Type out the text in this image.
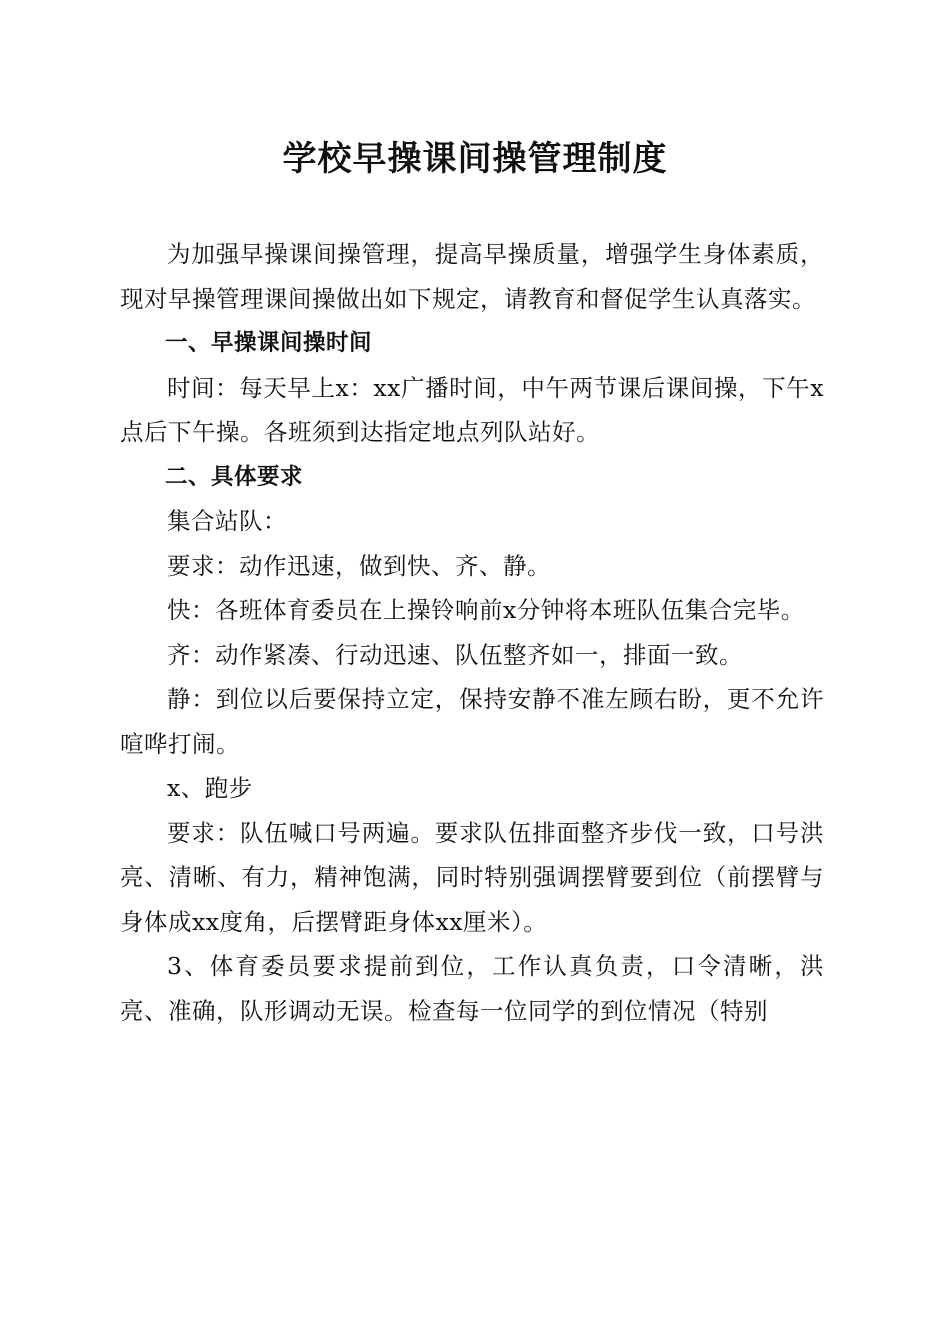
学校早操课间操管理制度

为加强早操课间操管理，提高早操质量，增强学生身体素质，现对早操管理课间操做出如下规定，请教育和督促学生认真落实。

一、早操课间操时间

时间：每天早上x：xx广播时间，中午两节课后课间操，下午x点后下午操。各班须到达指定地点列队站好。

二、具体要求

集合站队：

要求：动作迅速，做到快、齐、静。

快：各班体育委员在上操铃响前x分钟将本班队伍集合完毕。

齐：动作紧凑、行动迅速、队伍整齐如一，排面一致。

静：到位以后要保持立定，保持安静不准左顾右盼，更不允许喧哗打闹。

x、跑步

要求：队伍喊口号两遍。要求队伍排面整齐步伐一致，口号洪亮、清晰、有力，精神饱满，同时特别强调摆臂要到位（前摆臂与身体成xx度角，后摆臂距身体xx厘米）。

3、体育委员要求提前到位，工作认真负责，口令清晰，洪亮、准确，队形调动无误。检查每一位同学的到位情况（特别
